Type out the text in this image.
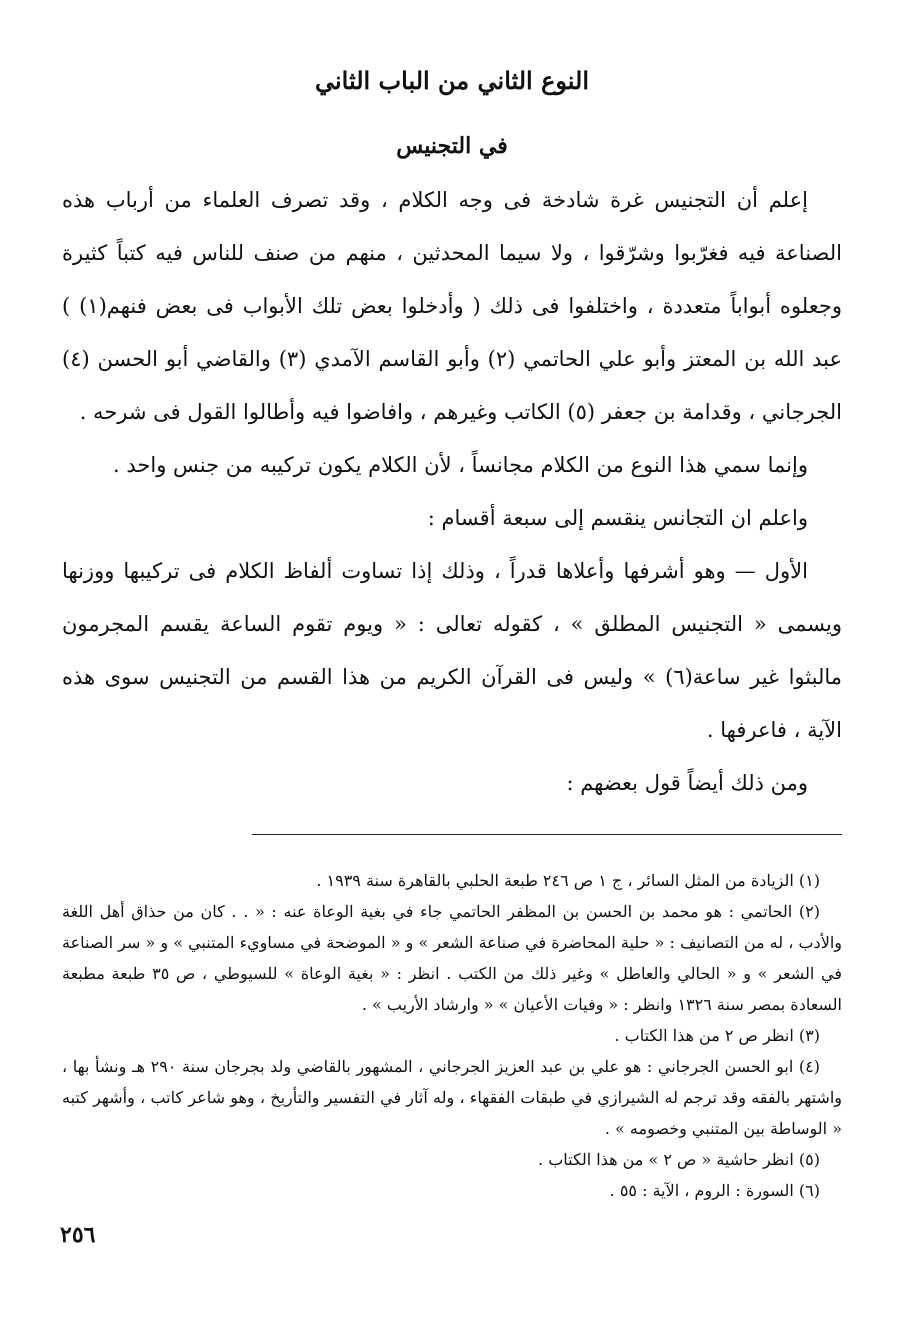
النوع الثاني من الباب الثاني
في التجنيس

إعلم أن التجنيس غرة شادخة فى وجه الكلام ، وقد تصرف العلماء من أرباب هذه الصناعة فيه فغرّبوا وشرّقوا ، ولا سيما المحدثين ، منهم من صنف للناس فيه كتباً كثيرة وجعلوه أبواباً متعددة ، واختلفوا فى ذلك ( وأدخلوا بعض تلك الأبواب فى بعض فنهم(١) ) عبد الله بن المعتز وأبو علي الحاتمي (٢) وأبو القاسم الآمدي (٣) والقاضي أبو الحسن (٤) الجرجاني ، وقدامة بن جعفر (٥) الكاتب وغيرهم ، وافاضوا فيه وأطالوا القول فى شرحه .

وإنما سمي هذا النوع من الكلام مجانساً ، لأن الكلام يكون تركيبه من جنس واحد .

واعلم ان التجانس ينقسم إلى سبعة أقسام :

الأول — وهو أشرفها وأعلاها قدراً ، وذلك إذا تساوت ألفاظ الكلام فى تركيبها ووزنها ويسمى « التجنيس المطلق » ، كقوله تعالى : « ويوم تقوم الساعة يقسم المجرمون مالبثوا غير ساعة(٦) » وليس فى القرآن الكريم من هذا القسم من التجنيس سوى هذه الآية ، فاعرفها .

ومن ذلك أيضاً قول بعضهم :

(١) الزيادة من المثل السائر ، ج ١ ص ٢٤٦ طبعة الحلبي بالقاهرة سنة ١٩٣٩ .

(٢) الحاتمي : هو محمد بن الحسن بن المظفر الحاتمي جاء في بغية الوعاة عنه : « . . كان من حذاق أهل اللغة والأدب ، له من التصانيف : « حلية المحاضرة في صناعة الشعر » و « الموضحة في مساويء المتنبي » و « سر الصناعة في الشعر » و « الحالي والعاطل » وغير ذلك من الكتب . انظر : « بغية الوعاة » للسيوطي ، ص ٣٥ طبعة مطبعة السعادة بمصر سنة ١٣٢٦ وانظر : « وفيات الأعيان » « وارشاد الأريب » .

(٣) انظر ص ٢ من هذا الكتاب .

(٤) ابو الحسن الجرجاني : هو علي بن عبد العزيز الجرجاني ، المشهور بالقاضي ولد بجرجان سنة ٢٩٠ هـ ونشأ بها ، واشتهر بالفقه وقد ترجم له الشيرازي في طبقات الفقهاء ، وله آثار في التفسير والتأريخ ، وهو شاعر كاتب ، وأشهر كتبه « الوساطة بين المتنبي وخصومه » .

(٥) انظر حاشية « ص ٢ » من هذا الكتاب .

(٦) السورة : الروم ، الآية : ٥٥ .

٢٥٦
